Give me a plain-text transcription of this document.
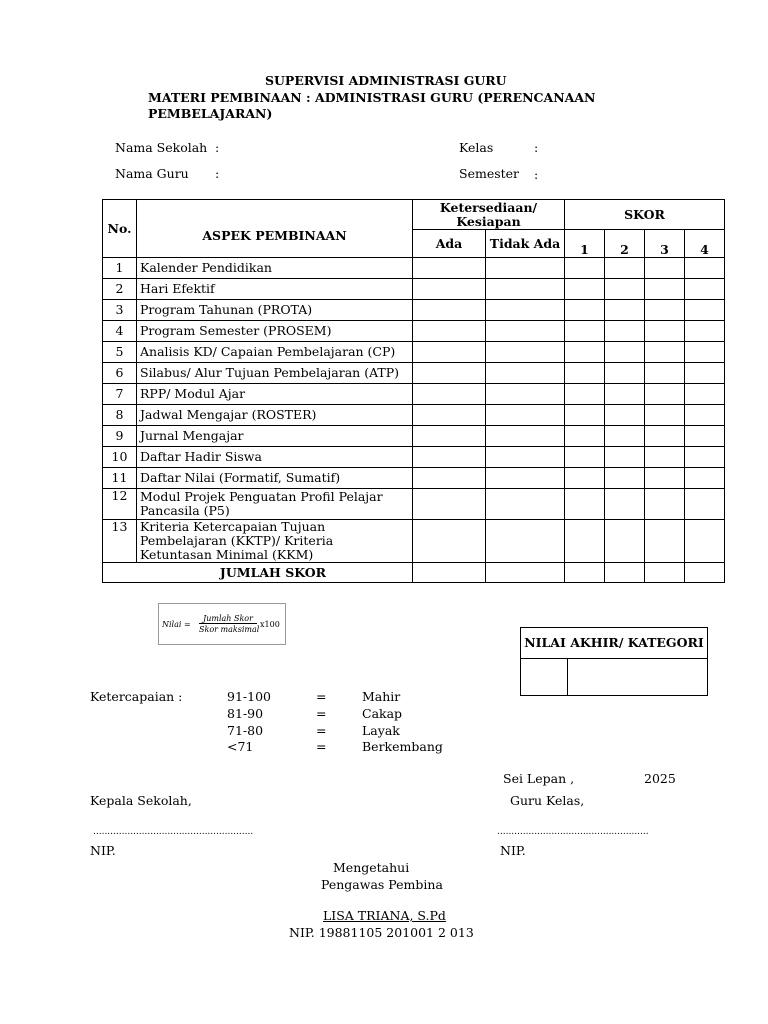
SUPERVISI ADMINISTRASI GURU
MATERI PEMBINAAN : ADMINISTRASI GURU (PERENCANAAN
PEMBELAJARAN)
Nama Sekolah :
Nama Guru :
Kelas	:
Semester :
No.	ASPEK PEMBINAAN	Ketersediaan/ Kesiapan		SKOR			
		Ada	Tidak Ada	1	2	3	4
1	Kalender Pendidikan						
2	Hari Efektif						
3	Program Tahunan (PROTA)						
4	Program Semester (PROSEM)						
5	Analisis KD/ Capaian Pembelajaran (CP)						
6	Silabus/ Alur Tujuan Pembelajaran (ATP)						
7	RPP/ Modul Ajar						
8	Jadwal Mengajar (ROSTER)						
9	Jurnal Mengajar						
10	Daftar Hadir Siswa						
11	Daftar Nilai (Formatif, Sumatif)						
12	Modul Projek Penguatan Profil Pelajar Pancasila (P5)						
13	Kriteria Ketercapaian Tujuan Pembelajaran (KKTP)/ Kriteria Ketuntasan Minimal (KKM)						
JUMLAH SKOR							
Nilai =
Jumlah Skor
Skor maksimal
x100
NILAI AKHIR/ KATEGORI

Ketercapaian :	91-100	=	Mahir
81-90	=	Cakap
71-80	=	Layak
<71	=	Berkembang
Sei Lepan ,	2025
Kepala Sekolah,	Guru Kelas,
........................................................	.....................................................
NIP.	NIP.
Mengetahui
Pengawas Pembina
LISA TRIANA, S.Pd
NIP. 19881105 201001 2 013
